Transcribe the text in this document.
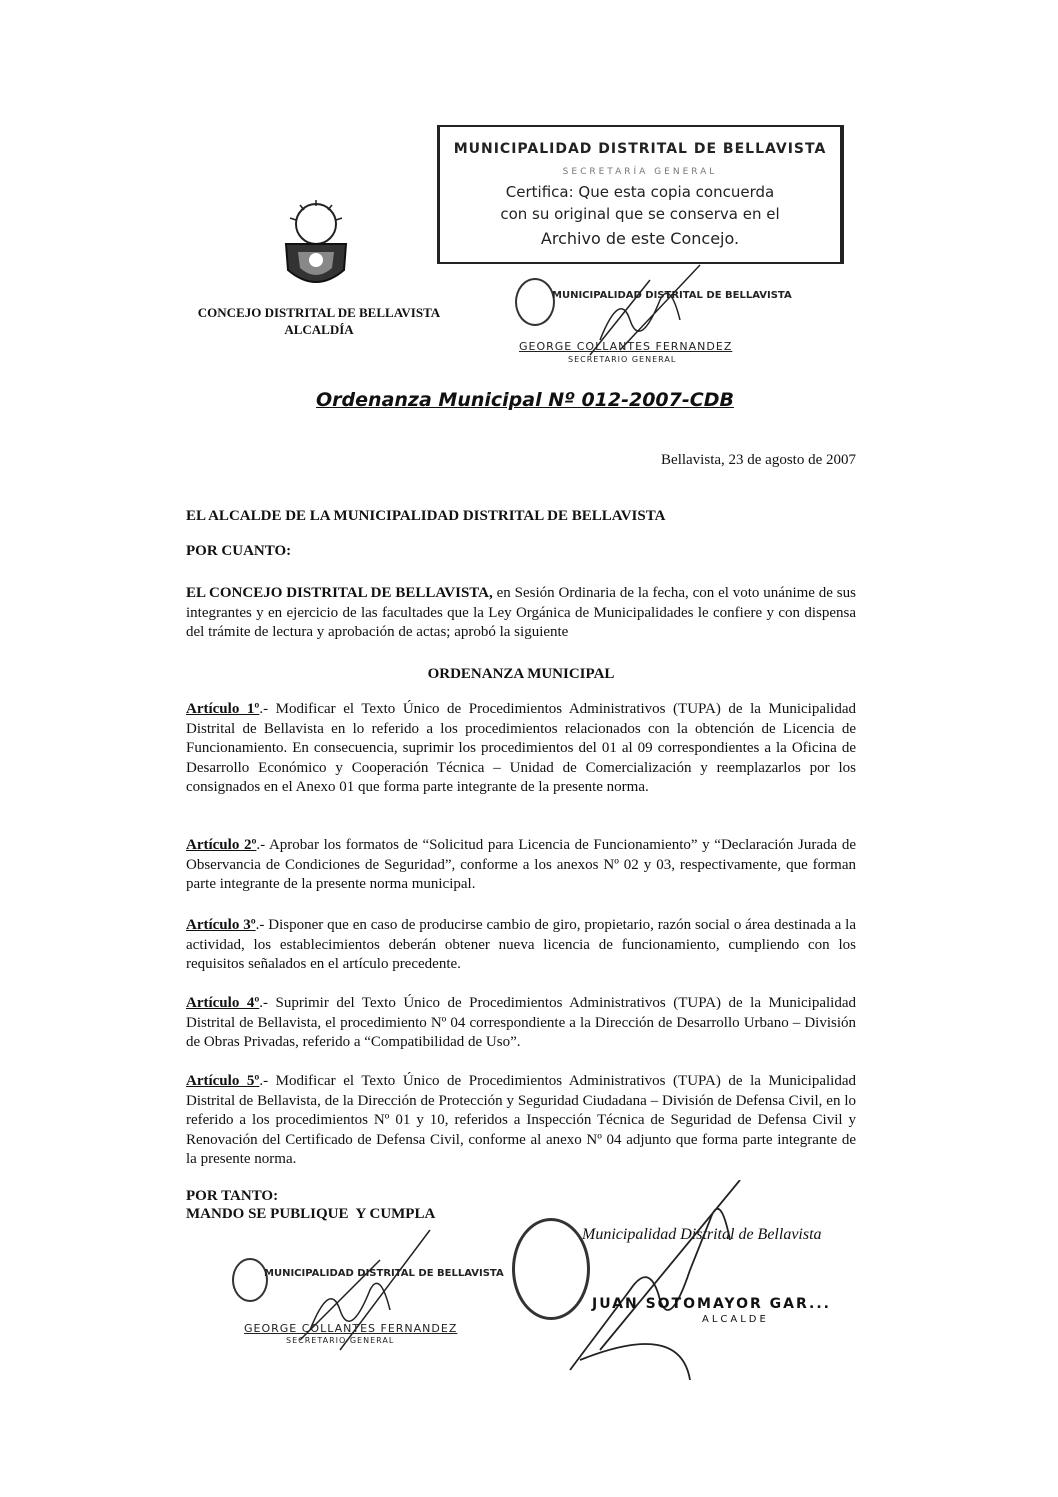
CONCEJO DISTRITAL DE BELLAVISTA
ALCALDÍA
MUNICIPALIDAD DISTRITAL DE BELLAVISTA
SECRETARÍA GENERAL
Certifica: Que esta copia concuerda
con su original que se conserva en el
Archivo de este Concejo.
MUNICIPALIDAD DISTRITAL DE BELLAVISTA
GEORGE COLLANTES FERNANDEZ
SECRETARIO GENERAL
Ordenanza Municipal Nº 012-2007-CDB
Bellavista, 23 de agosto de 2007
EL ALCALDE DE LA MUNICIPALIDAD DISTRITAL DE BELLAVISTA
POR CUANTO:
EL CONCEJO DISTRITAL DE BELLAVISTA, en Sesión Ordinaria de la fecha, con el voto unánime de sus integrantes y en ejercicio de las facultades que la Ley Orgánica de Municipalidades le confiere y con dispensa del trámite de lectura y aprobación de actas; aprobó la siguiente
ORDENANZA MUNICIPAL
Artículo 1º.- Modificar el Texto Único de Procedimientos Administrativos (TUPA) de la Municipalidad Distrital de Bellavista en lo referido a los procedimientos relacionados con la obtención de Licencia de Funcionamiento. En consecuencia, suprimir los procedimientos del 01 al 09 correspondientes a la Oficina de Desarrollo Económico y Cooperación Técnica – Unidad de Comercialización y reemplazarlos por los consignados en el Anexo 01 que forma parte integrante de la presente norma.
Artículo 2º.- Aprobar los formatos de “Solicitud para Licencia de Funcionamiento” y “Declaración Jurada de Observancia de Condiciones de Seguridad”, conforme a los anexos Nº 02 y 03, respectivamente, que forman parte integrante de la presente norma municipal.
Artículo 3º.- Disponer que en caso de producirse cambio de giro, propietario, razón social o área destinada a la actividad, los establecimientos deberán obtener nueva licencia de funcionamiento, cumpliendo con los requisitos señalados en el artículo precedente.
Artículo 4º.- Suprimir del Texto Único de Procedimientos Administrativos (TUPA) de la Municipalidad Distrital de Bellavista, el procedimiento Nº 04 correspondiente a la Dirección de Desarrollo Urbano – División de Obras Privadas, referido a “Compatibilidad de Uso”.
Artículo 5º.- Modificar el Texto Único de Procedimientos Administrativos (TUPA) de la Municipalidad Distrital de Bellavista, de la Dirección de Protección y Seguridad Ciudadana – División de Defensa Civil, en lo referido a los procedimientos Nº 01 y 10, referidos a Inspección Técnica de Seguridad de Defensa Civil y Renovación del Certificado de Defensa Civil, conforme al anexo Nº 04 adjunto que forma parte integrante de la presente norma.
POR TANTO:
MANDO SE PUBLIQUE  Y CUMPLA
MUNICIPALIDAD DISTRITAL DE BELLAVISTA
GEORGE COLLANTES FERNANDEZ
SECRETARIO GENERAL
Municipalidad Distrital de Bellavista
JUAN SOTOMAYOR GAR...
ALCALDE
